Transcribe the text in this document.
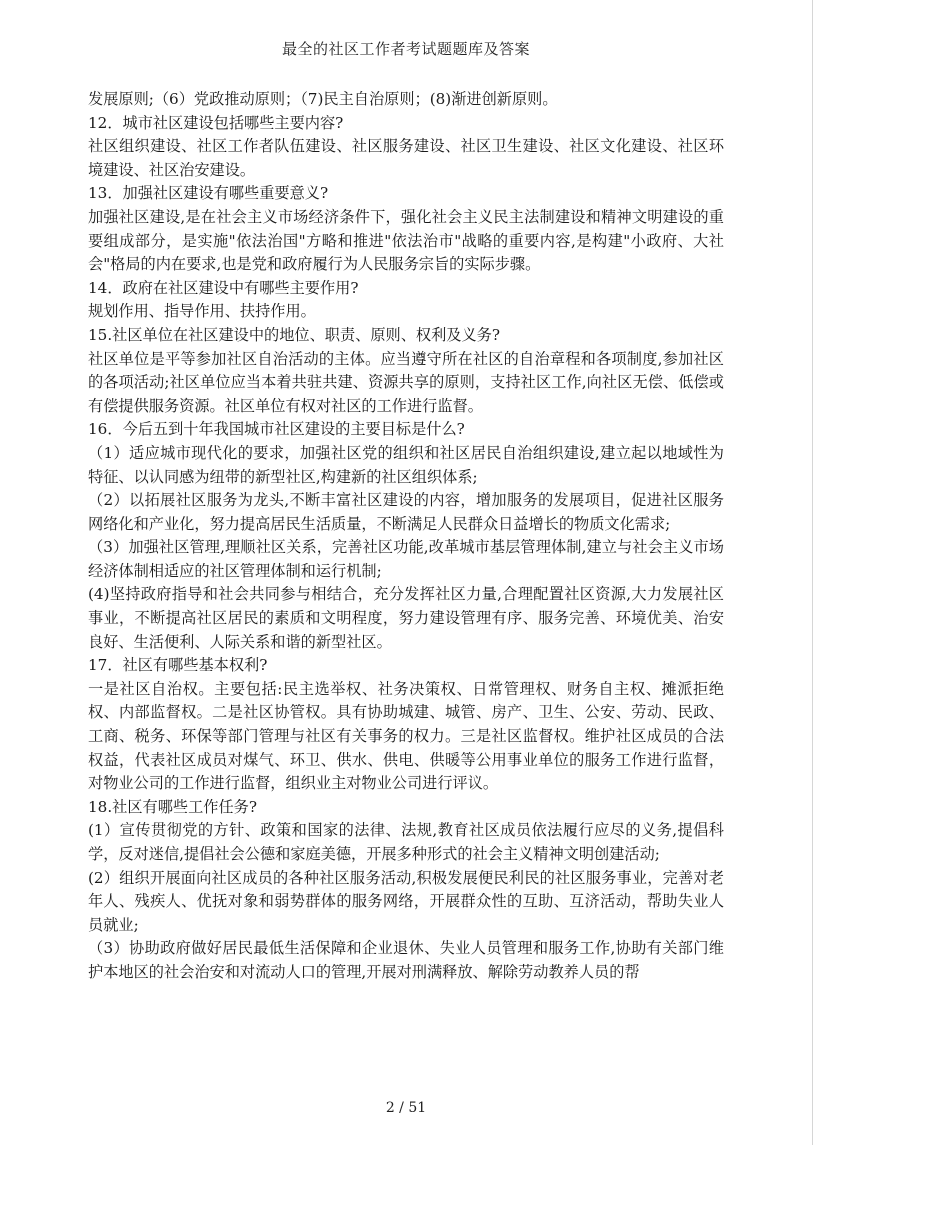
最全的社区工作者考试题题库及答案

发展原则;（6）党政推动原则；（7)民主自治原则；(8)渐进创新原则。

12．城市社区建设包括哪些主要内容?

社区组织建设、社区工作者队伍建设、社区服务建设、社区卫生建设、社区文化建设、社区环境建设、社区治安建设。

13．加强社区建设有哪些重要意义?

加强社区建设,是在社会主义市场经济条件下，强化社会主义民主法制建设和精神文明建设的重要组成部分，是实施"依法治国"方略和推进"依法治市"战略的重要内容,是构建"小政府、大社会"格局的内在要求,也是党和政府履行为人民服务宗旨的实际步骤。

14．政府在社区建设中有哪些主要作用?

规划作用、指导作用、扶持作用。

15.社区单位在社区建设中的地位、职责、原则、权利及义务?

社区单位是平等参加社区自治活动的主体。应当遵守所在社区的自治章程和各项制度,参加社区的各项活动;社区单位应当本着共驻共建、资源共享的原则，支持社区工作,向社区无偿、低偿或有偿提供服务资源。社区单位有权对社区的工作进行监督。

16．今后五到十年我国城市社区建设的主要目标是什么?

（1）适应城市现代化的要求，加强社区党的组织和社区居民自治组织建设,建立起以地域性为特征、以认同感为纽带的新型社区,构建新的社区组织体系;

（2）以拓展社区服务为龙头,不断丰富社区建设的内容，增加服务的发展项目，促进社区服务网络化和产业化，努力提高居民生活质量，不断满足人民群众日益增长的物质文化需求;

（3）加强社区管理,理顺社区关系，完善社区功能,改革城市基层管理体制,建立与社会主义市场经济体制相适应的社区管理体制和运行机制;

(4)坚持政府指导和社会共同参与相结合，充分发挥社区力量,合理配置社区资源,大力发展社区事业，不断提高社区居民的素质和文明程度，努力建设管理有序、服务完善、环境优美、治安良好、生活便利、人际关系和谐的新型社区。

17．社区有哪些基本权利?

一是社区自治权。主要包括:民主选举权、社务决策权、日常管理权、财务自主权、摊派拒绝权、内部监督权。二是社区协管权。具有协助城建、城管、房产、卫生、公安、劳动、民政、工商、税务、环保等部门管理与社区有关事务的权力。三是社区监督权。维护社区成员的合法权益，代表社区成员对煤气、环卫、供水、供电、供暖等公用事业单位的服务工作进行监督，对物业公司的工作进行监督，组织业主对物业公司进行评议。

18.社区有哪些工作任务?

(1）宣传贯彻党的方针、政策和国家的法律、法规,教育社区成员依法履行应尽的义务,提倡科学，反对迷信,提倡社会公德和家庭美德，开展多种形式的社会主义精神文明创建活动;

(2）组织开展面向社区成员的各种社区服务活动,积极发展便民利民的社区服务事业，完善对老年人、残疾人、优抚对象和弱势群体的服务网络，开展群众性的互助、互济活动，帮助失业人员就业;

（3）协助政府做好居民最低生活保障和企业退休、失业人员管理和服务工作,协助有关部门维护本地区的社会治安和对流动人口的管理,开展对刑满释放、解除劳动教养人员的帮

2 / 51
